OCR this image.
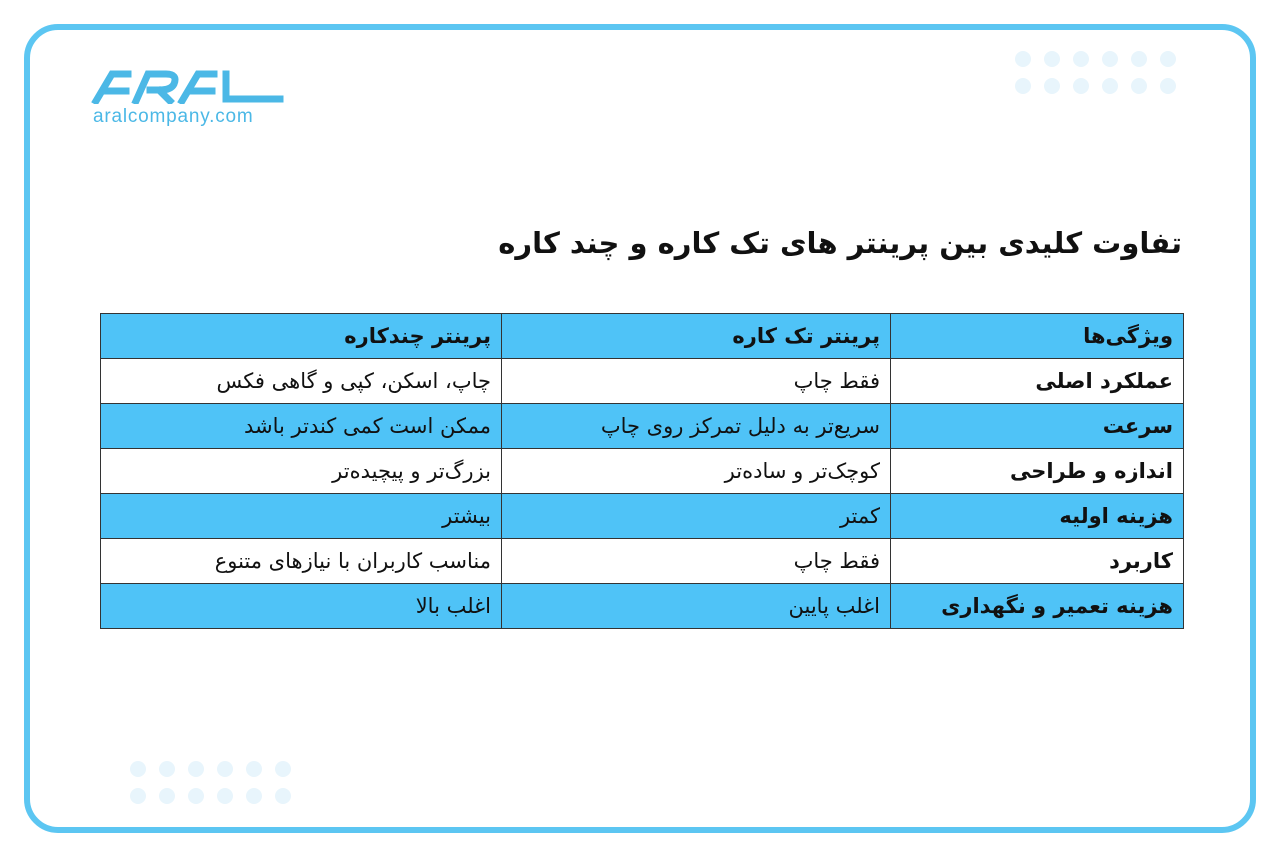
aralcompany.com
تفاوت کلیدی بین پرینتر های تک کاره و چند کاره
ویژگی‌ها	پرینتر تک کاره	پرینتر چندکاره
عملکرد اصلی	فقط چاپ	چاپ، اسکن، کپی و گاهی فکس
سرعت	سریع‌تر به دلیل تمرکز روی چاپ	ممکن است کمی کندتر باشد
اندازه و طراحی	کوچک‌تر و ساده‌تر	بزرگ‌تر و پیچیده‌تر
هزینه اولیه	کمتر	بیشتر
کاربرد	فقط چاپ	مناسب کاربران با نیازهای متنوع
هزینه تعمیر و نگهداری	اغلب پایین	اغلب بالا
